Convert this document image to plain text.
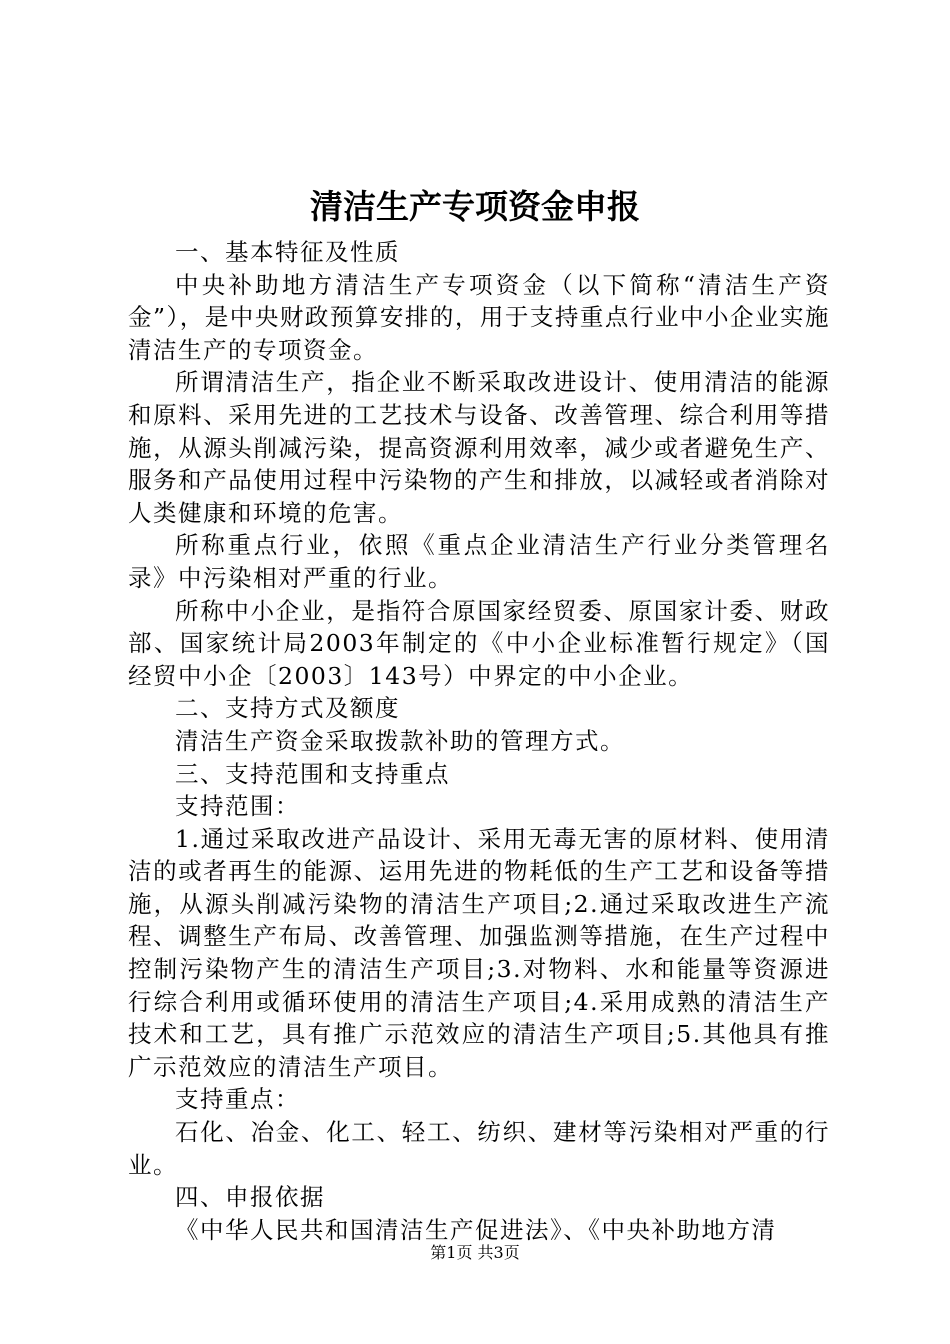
清洁生产专项资金申报

一、基本特征及性质

中央补助地方清洁生产专项资金（以下简称“清洁生产资金”），是中央财政预算安排的，用于支持重点行业中小企业实施清洁生产的专项资金。

所谓清洁生产，指企业不断采取改进设计、使用清洁的能源和原料、采用先进的工艺技术与设备、改善管理、综合利用等措施，从源头削减污染，提高资源利用效率，减少或者避免生产、服务和产品使用过程中污染物的产生和排放，以减轻或者消除对人类健康和环境的危害。

所称重点行业，依照《重点企业清洁生产行业分类管理名录》中污染相对严重的行业。

所称中小企业，是指符合原国家经贸委、原国家计委、财政部、国家统计局2003年制定的《中小企业标准暂行规定》（国经贸中小企〔2003〕143号）中界定的中小企业。

二、支持方式及额度

清洁生产资金采取拨款补助的管理方式。

三、支持范围和支持重点

支持范围：

1.通过采取改进产品设计、采用无毒无害的原材料、使用清洁的或者再生的能源、运用先进的物耗低的生产工艺和设备等措施，从源头削减污染物的清洁生产项目;2.通过采取改进生产流程、调整生产布局、改善管理、加强监测等措施，在生产过程中控制污染物产生的清洁生产项目;3.对物料、水和能量等资源进行综合利用或循环使用的清洁生产项目;4.采用成熟的清洁生产技术和工艺，具有推广示范效应的清洁生产项目;5.其他具有推广示范效应的清洁生产项目。

支持重点：

石化、冶金、化工、轻工、纺织、建材等污染相对严重的行业。

四、申报依据

《中华人民共和国清洁生产促进法》、《中央补助地方清

第1页 共3页
